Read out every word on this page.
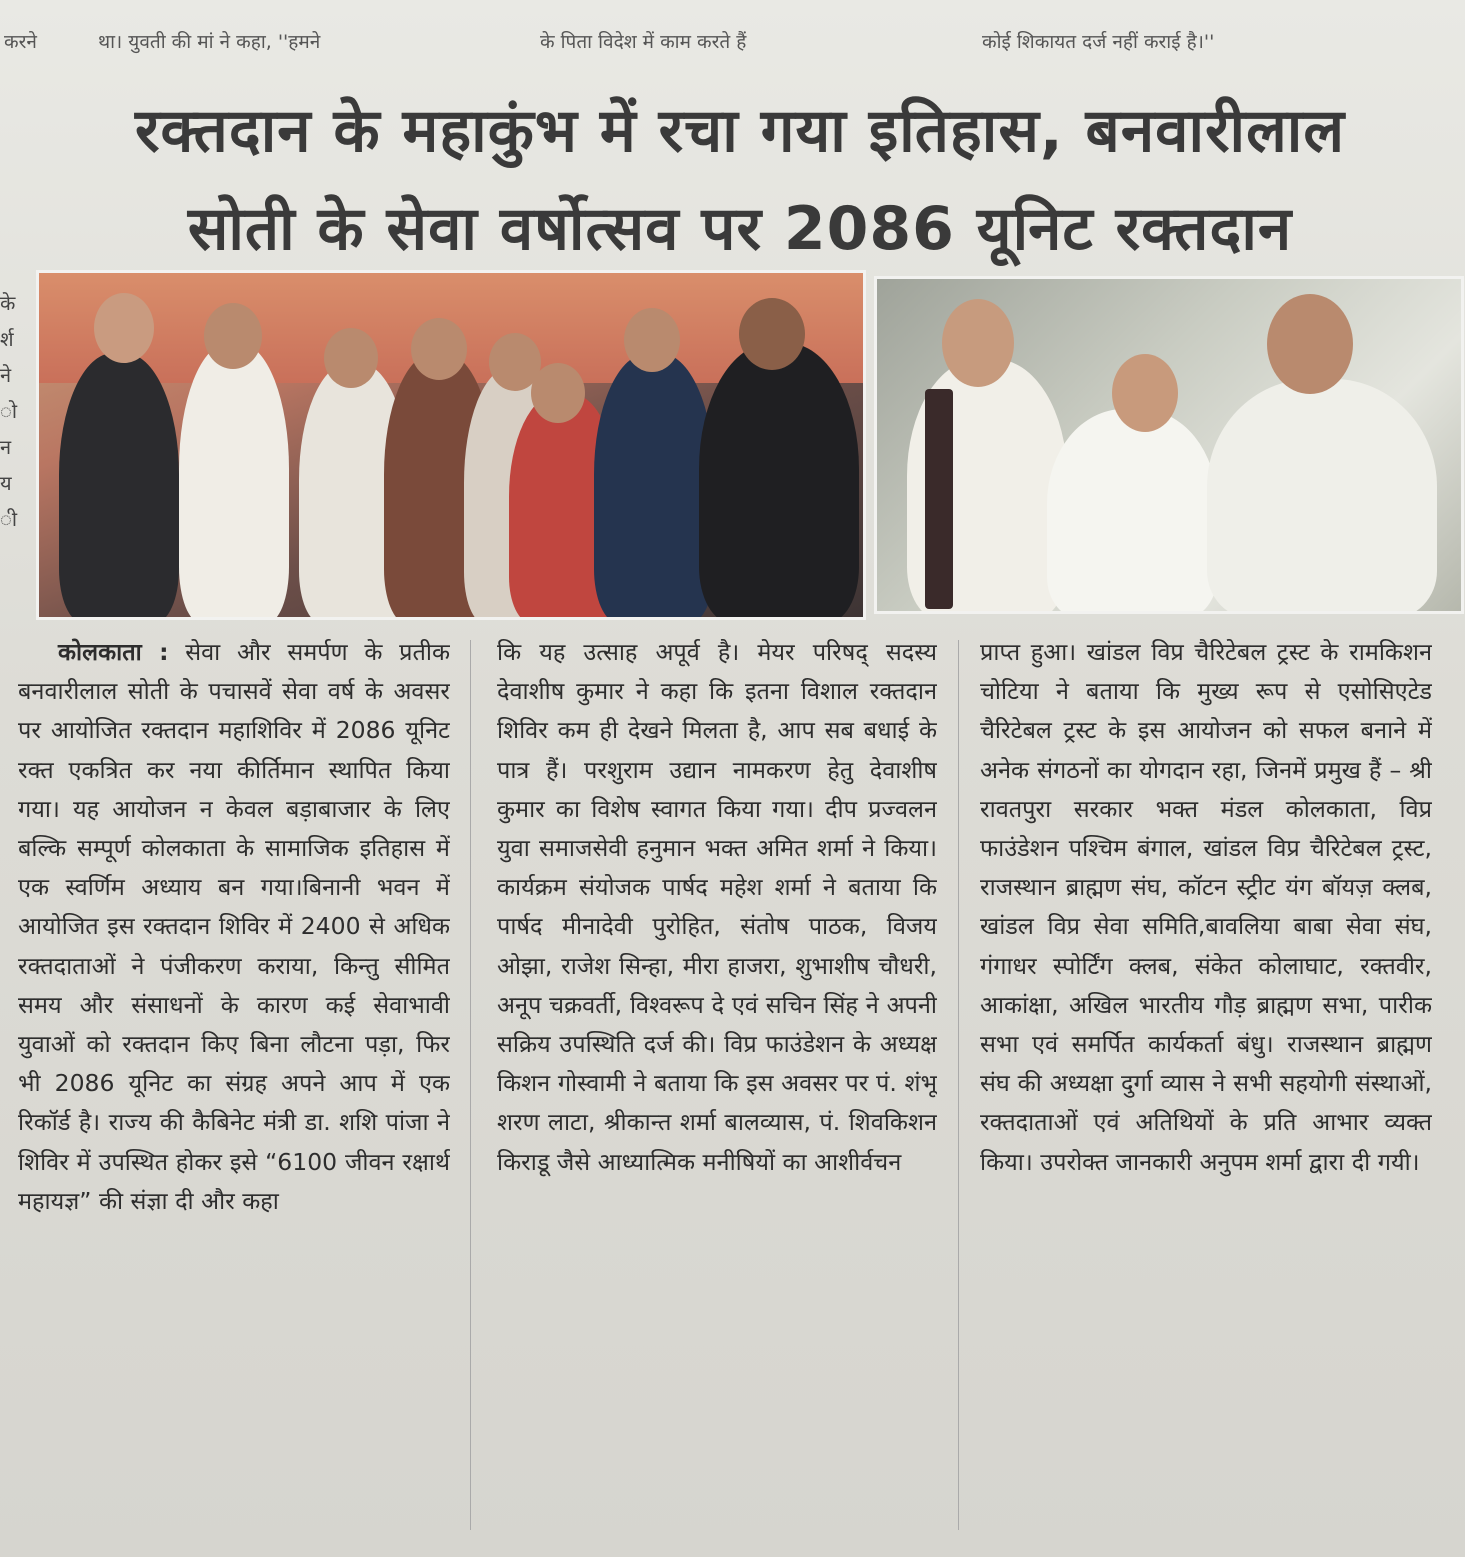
करने	था। युवती की मां ने कहा, ''हमने	के पिता विदेश में काम करते हैं	कोई शिकायत दर्ज नहीं कराई है।''
रक्तदान के महाकुंभ में रचा गया इतिहास, बनवारीलाल
सोती के सेवा वर्षोत्सव पर 2086 यूनिट रक्तदान
के
र्श
ने
ो
न
य
ी
कोलकाता : सेवा और समर्पण के प्रतीक बनवारीलाल सोती के पचासवें सेवा वर्ष के अवसर पर आयोजित रक्तदान महाशिविर में 2086 यूनिट रक्त एकत्रित कर नया कीर्तिमान स्थापित किया गया। यह आयोजन न केवल बड़ाबाजार के लिए बल्कि सम्पूर्ण कोलकाता के सामाजिक इतिहास में एक स्वर्णिम अध्याय बन गया।बिनानी भवन में आयोजित इस रक्तदान शिविर में 2400 से अधिक रक्तदाताओं ने पंजीकरण कराया, किन्तु सीमित समय और संसाधनों के कारण कई सेवाभावी युवाओं को रक्तदान किए बिना लौटना पड़ा, फिर भी 2086 यूनिट का संग्रह अपने आप में एक रिकॉर्ड है। राज्य की कैबिनेट मंत्री डा. शशि पांजा ने शिविर में उपस्थित होकर इसे “6100 जीवन रक्षार्थ महायज्ञ” की संज्ञा दी और कहा
कि यह उत्साह अपूर्व है। मेयर परिषद् सदस्य देवाशीष कुमार ने कहा कि इतना विशाल रक्तदान शिविर कम ही देखने मिलता है, आप सब बधाई के पात्र हैं। परशुराम उद्यान नामकरण हेतु देवाशीष कुमार का विशेष स्वागत किया गया। दीप प्रज्वलन युवा समाजसेवी हनुमान भक्त अमित शर्मा ने किया। कार्यक्रम संयोजक पार्षद महेश शर्मा ने बताया कि पार्षद मीनादेवी पुरोहित, संतोष पाठक, विजय ओझा, राजेश सिन्हा, मीरा हाजरा, शुभाशीष चौधरी, अनूप चक्रवर्ती, विश्वरूप दे एवं सचिन सिंह ने अपनी सक्रिय उपस्थिति दर्ज की। विप्र फाउंडेशन के अध्यक्ष किशन गोस्वामी ने बताया कि इस अवसर पर पं. शंभू शरण लाटा, श्रीकान्त शर्मा बालव्यास, पं. शिवकिशन किराडू जैसे आध्यात्मिक मनीषियों का आशीर्वचन
प्राप्त हुआ। खांडल विप्र चैरिटेबल ट्रस्ट के रामकिशन चोटिया ने बताया कि मुख्य रूप से एसोसिएटेड चैरिटेबल ट्रस्ट के इस आयोजन को सफल बनाने में अनेक संगठनों का योगदान रहा, जिनमें प्रमुख हैं – श्री रावतपुरा सरकार भक्त मंडल कोलकाता, विप्र फाउंडेशन पश्चिम बंगाल, खांडल विप्र चैरिटेबल ट्रस्ट, राजस्थान ब्राह्मण संघ, कॉटन स्ट्रीट यंग बॉयज़ क्लब, खांडल विप्र सेवा समिति,बावलिया बाबा सेवा संघ, गंगाधर स्पोर्टिंग क्लब, संकेत कोलाघाट, रक्तवीर, आकांक्षा, अखिल भारतीय गौड़ ब्राह्मण सभा, पारीक सभा एवं समर्पित कार्यकर्ता बंधु। राजस्थान ब्राह्मण संघ की अध्यक्षा दुर्गा व्यास ने सभी सहयोगी संस्थाओं, रक्तदाताओं एवं अतिथियों के प्रति आभार व्यक्त किया। उपरोक्त जानकारी अनुपम शर्मा द्वारा दी गयी।
